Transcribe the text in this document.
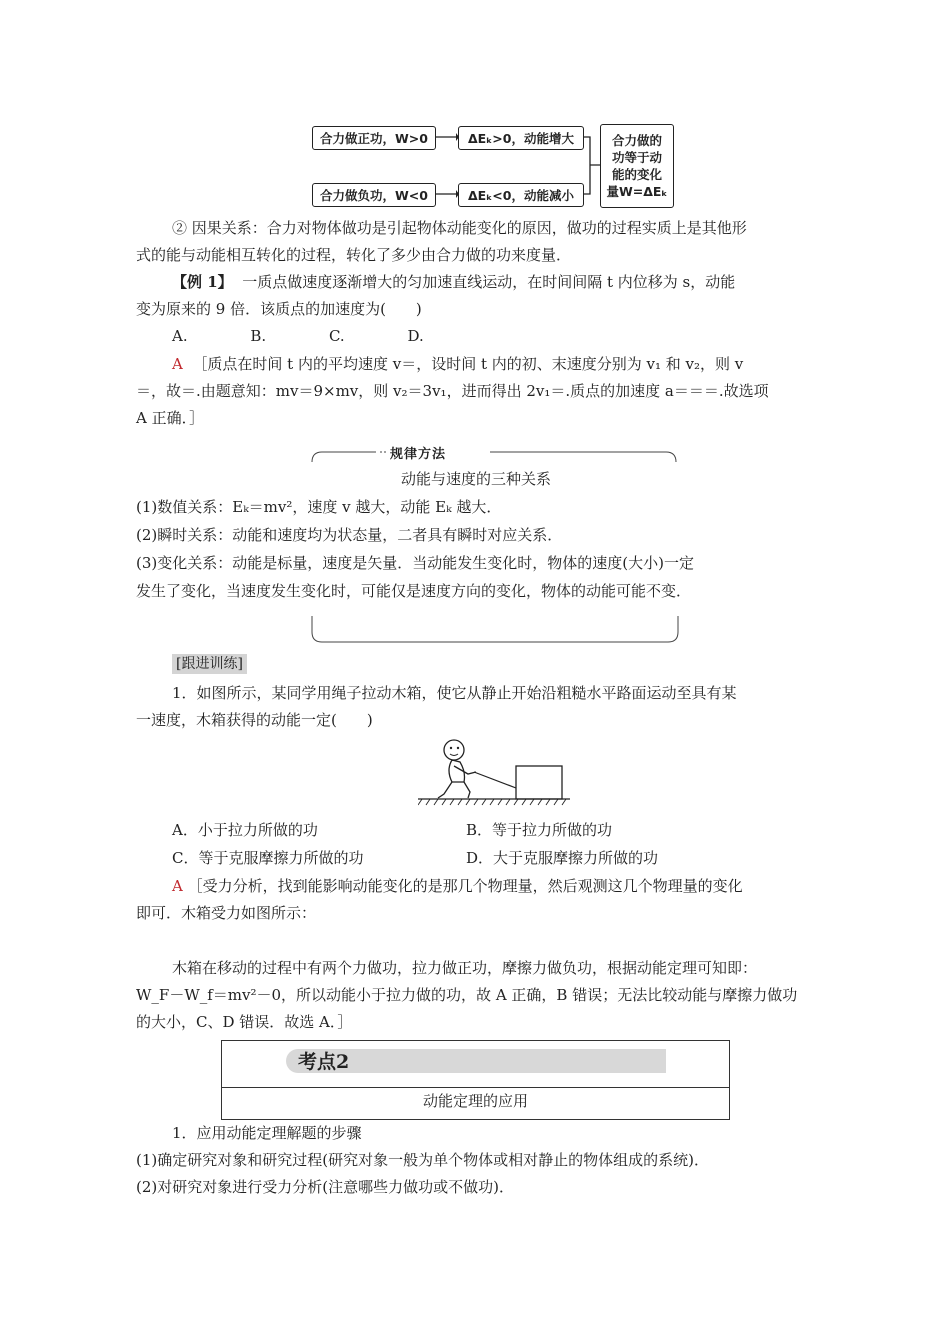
合力做正功，W>0	ΔEₖ>0，动能增大
合力做负功，W<0	ΔEₖ<0，动能减小
合力做的
功等于动
能的变化
量W=ΔEₖ
② 因果关系：合力对物体做功是引起物体动能变化的原因，做功的过程实质上是其他形
式的能与动能相互转化的过程，转化了多少由合力做的功来度量．
【例 1】 一质点做速度逐渐增大的匀加速直线运动，在时间间隔 t 内位移为 s，动能
变为原来的 9 倍．该质点的加速度为(　　)
A.	B.	C.	D.
A ［质点在时间 t 内的平均速度 v＝，设时间 t 内的初、末速度分别为 v₁ 和 v₂，则 v
＝，故＝.由题意知：mv＝9×mv，则 v₂＝3v₁，进而得出 2v₁＝.质点的加速度 a＝＝＝.故选项
A 正确．］
规律方法
动能与速度的三种关系
(1)数值关系：Eₖ＝mv²，速度 v 越大，动能 Eₖ 越大．
(2)瞬时关系：动能和速度均为状态量，二者具有瞬时对应关系．
(3)变化关系：动能是标量，速度是矢量．当动能发生变化时，物体的速度(大小)一定
发生了变化，当速度发生变化时，可能仅是速度方向的变化，物体的动能可能不变．
[跟进训练]
1．如图所示，某同学用绳子拉动木箱，使它从静止开始沿粗糙水平路面运动至具有某
一速度，木箱获得的动能一定(　　)
A．小于拉力所做的功	B．等于拉力所做的功
C．等于克服摩擦力所做的功	D．大于克服摩擦力所做的功
A ［受力分析，找到能影响动能变化的是那几个物理量，然后观测这几个物理量的变化
即可．木箱受力如图所示：
木箱在移动的过程中有两个力做功，拉力做正功，摩擦力做负功，根据动能定理可知即：
W_F－W_f＝mv²－0，所以动能小于拉力做的功，故 A 正确，B 错误；无法比较动能与摩擦力做功
的大小，C、D 错误．故选 A．］
考点2
动能定理的应用
1．应用动能定理解题的步骤
(1)确定研究对象和研究过程(研究对象一般为单个物体或相对静止的物体组成的系统)．
(2)对研究对象进行受力分析(注意哪些力做功或不做功)．
